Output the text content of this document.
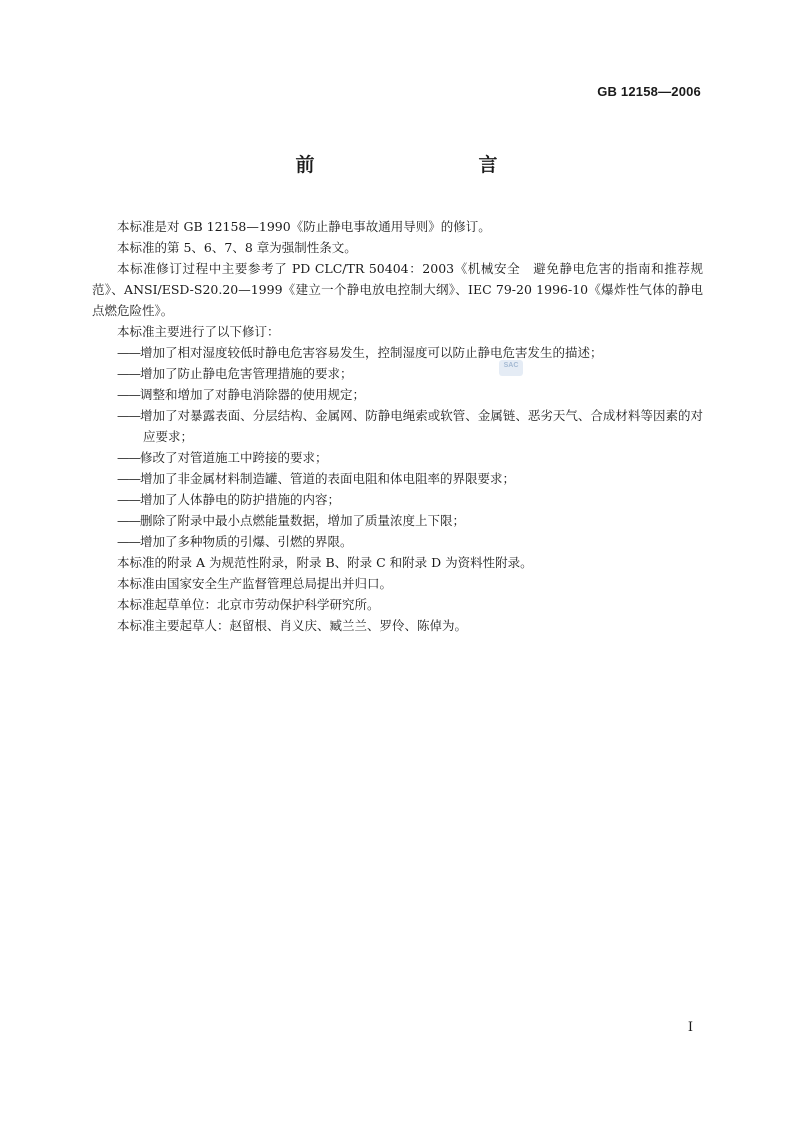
GB 12158—2006
前　　言

本标准是对 GB 12158—1990《防止静电事故通用导则》的修订。

本标准的第 5、6、7、8 章为强制性条文。

本标准修订过程中主要参考了 PD CLC/TR 50404：2003《机械安全　避免静电危害的指南和推荐规范》、ANSI/ESD-S20.20—1999《建立一个静电放电控制大纲》、IEC 79-20 1996-10《爆炸性气体的静电点燃危险性》。

本标准主要进行了以下修订：

——增加了相对湿度较低时静电危害容易发生，控制湿度可以防止静电危害发生的描述；

——增加了防止静电危害管理措施的要求；

——调整和增加了对静电消除器的使用规定；

——增加了对暴露表面、分层结构、金属网、防静电绳索或软管、金属链、恶劣天气、合成材料等因素的对应要求；

——修改了对管道施工中跨接的要求；

——增加了非金属材料制造罐、管道的表面电阻和体电阻率的界限要求；

——增加了人体静电的防护措施的内容；

——删除了附录中最小点燃能量数据，增加了质量浓度上下限；

——增加了多种物质的引爆、引燃的界限。

本标准的附录 A 为规范性附录，附录 B、附录 C 和附录 D 为资料性附录。

本标准由国家安全生产监督管理总局提出并归口。

本标准起草单位：北京市劳动保护科学研究所。

本标准主要起草人：赵留根、肖义庆、臧兰兰、罗伶、陈倬为。

SAC
I
